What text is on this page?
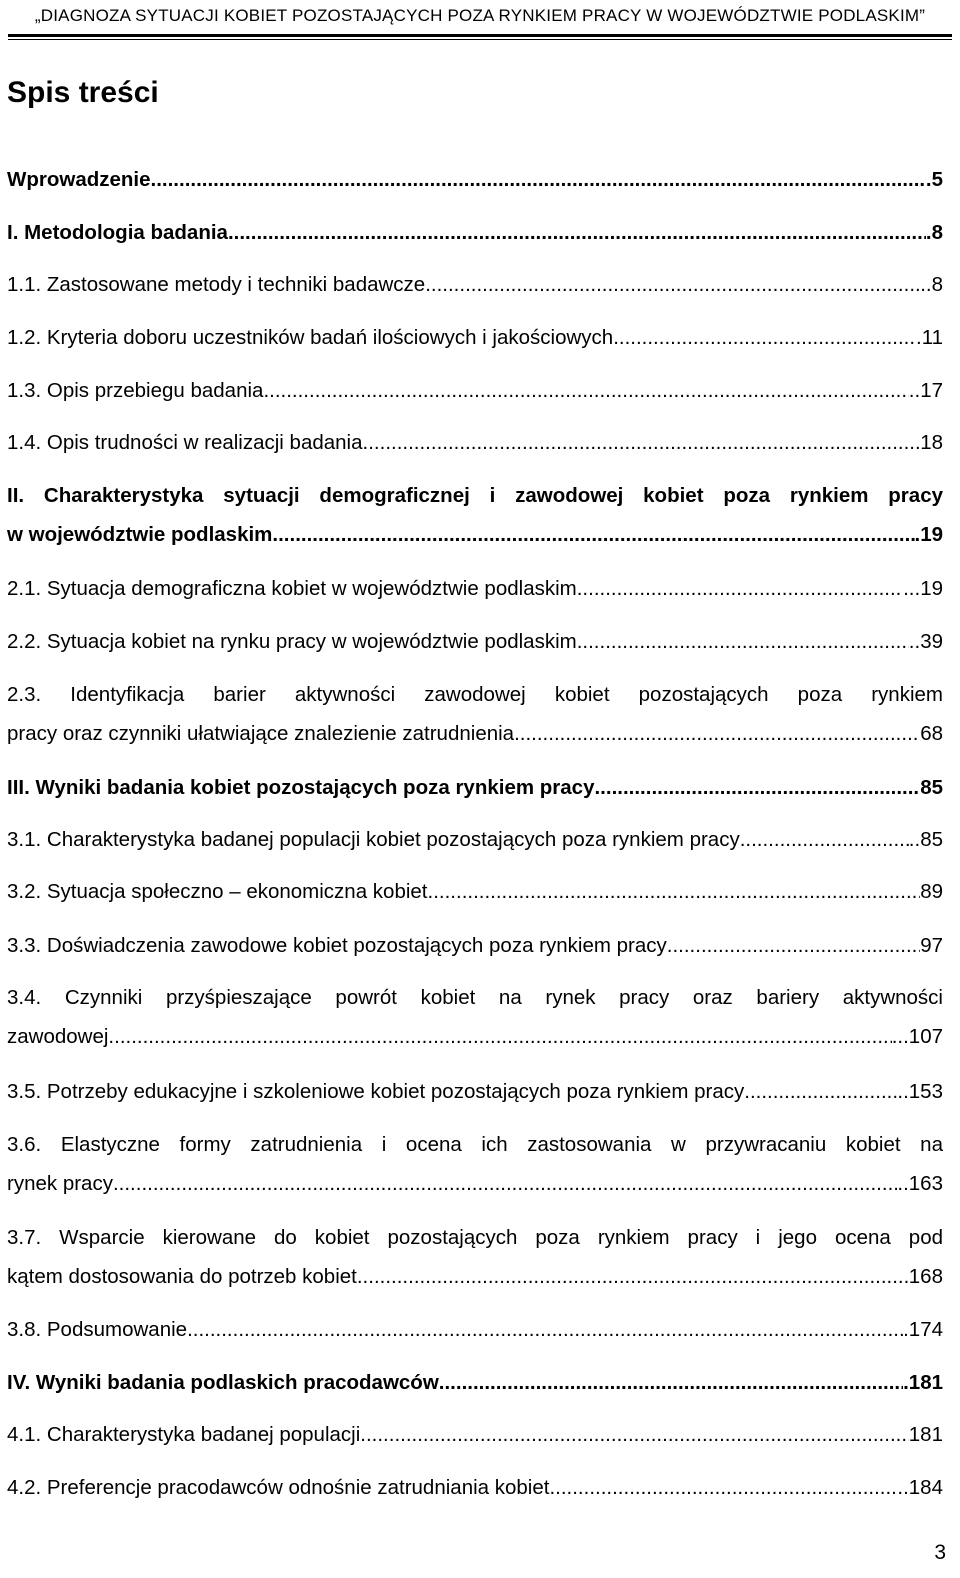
„DIAGNOZA SYTUACJI KOBIET POZOSTAJĄCYCH POZA RYNKIEM PRACY W WOJEWÓDZTWIE PODLASKIM”
Spis treści
Wprowadzenie .....	.5
I. Metodologia badania .....	.8
1.1. Zastosowane metody i techniki badawcze .....	..8
1.2. Kryteria doboru uczestników badań ilościowych i jakościowych .....	.11
1.3. Opis przebiegu badania .....	..17
1.4. Opis trudności w realizacji badania .....	18
II. Charakterystyka sytuacji demograficznej i zawodowej kobiet poza rynkiem pracy
w województwie podlaskim .....	.19
2.1. Sytuacja demograficzna kobiet w województwie podlaskim .....	...19
2.2. Sytuacja kobiet na rynku pracy w województwie podlaskim .....	..39
2.3. Identyfikacja barier aktywności zawodowej kobiet pozostających poza rynkiem
pracy oraz czynniki ułatwiające znalezienie zatrudnienia .....	68
III. Wyniki badania kobiet pozostających poza rynkiem pracy .....	85
3.1. Charakterystyka badanej populacji kobiet pozostających poza rynkiem pracy .....	..85
3.2. Sytuacja społeczno – ekonomiczna kobiet .....	89
3.3. Doświadczenia zawodowe kobiet pozostających poza rynkiem pracy .....	97
3.4. Czynniki przyśpieszające powrót kobiet na rynek pracy oraz bariery aktywności
zawodowej .....	...107
3.5. Potrzeby edukacyjne i szkoleniowe kobiet pozostających poza rynkiem pracy .....	..153
3.6. Elastyczne formy zatrudnienia i ocena ich zastosowania w przywracaniu kobiet na
rynek pracy .....	..163
3.7. Wsparcie kierowane do kobiet pozostających poza rynkiem pracy i jego ocena pod
kątem dostosowania do potrzeb kobiet .....	168
3.8. Podsumowanie .....	.174
IV. Wyniki badania podlaskich pracodawców .....	.181
4.1. Charakterystyka badanej populacji .....	181
4.2. Preferencje pracodawców odnośnie zatrudniania kobiet .....	..184
3
